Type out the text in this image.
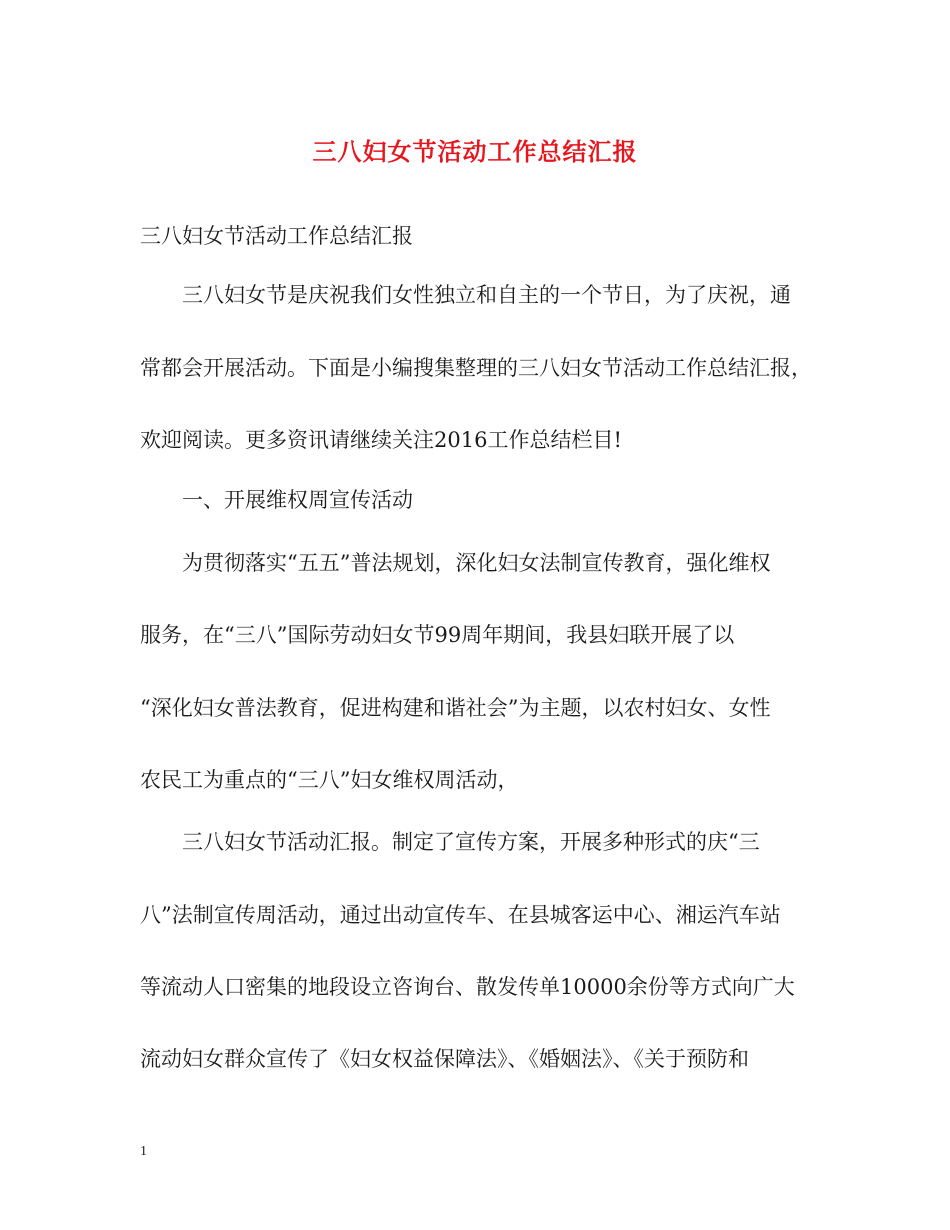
三八妇女节活动工作总结汇报
三八妇女节活动工作总结汇报
三八妇女节是庆祝我们女性独立和自主的一个节日，为了庆祝，通
常都会开展活动。下面是小编搜集整理的三八妇女节活动工作总结汇报，
欢迎阅读。更多资讯请继续关注2016工作总结栏目!
一、开展维权周宣传活动
为贯彻落实“五五”普法规划，深化妇女法制宣传教育，强化维权
服务，在“三八”国际劳动妇女节99周年期间，我县妇联开展了以
“深化妇女普法教育，促进构建和谐社会”为主题，以农村妇女、女性
农民工为重点的“三八”妇女维权周活动，
三八妇女节活动汇报。制定了宣传方案，开展多种形式的庆“三
八”法制宣传周活动，通过出动宣传车、在县城客运中心、湘运汽车站
等流动人口密集的地段设立咨询台、散发传单10000余份等方式向广大
流动妇女群众宣传了《妇女权益保障法》、《婚姻法》、《关于预防和
1
